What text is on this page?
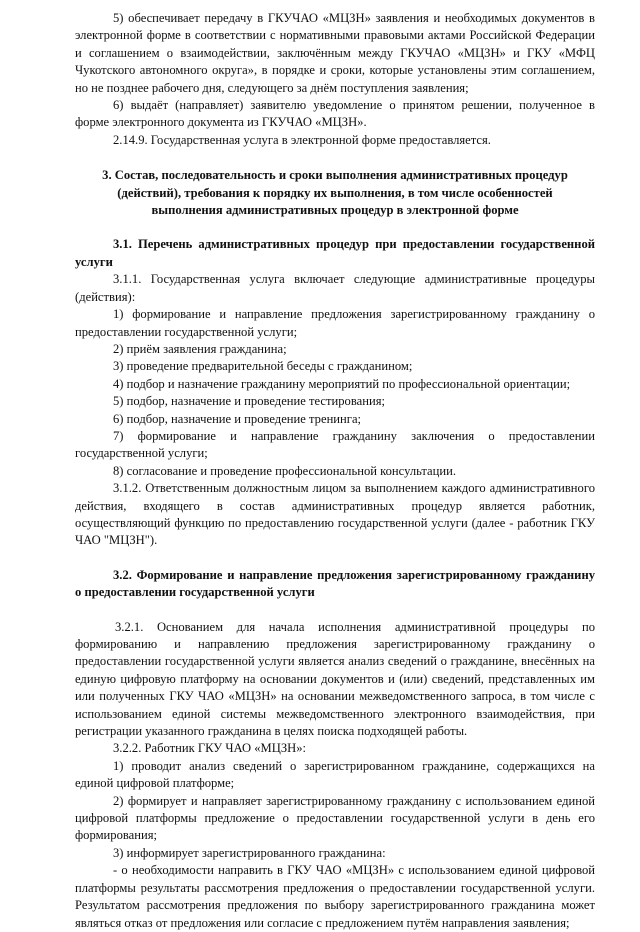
5) обеспечивает передачу в ГКУЧАО «МЦЗН» заявления и необходимых документов в электронной форме в соответствии с нормативными правовыми актами Российской Федерации и соглашением о взаимодействии, заключённым между ГКУЧАО «МЦЗН» и ГКУ «МФЦ Чукотского автономного округа», в порядке и сроки, которые установлены этим соглашением, но не позднее рабочего дня, следующего за днём поступления заявления;

6) выдаёт (направляет) заявителю уведомление о принятом решении, полученное в форме электронного документа из ГКУЧАО «МЦЗН».

2.14.9. Государственная услуга в электронной форме предоставляется.

3. Состав, последовательность и сроки выполнения административных процедур (действий), требования к порядку их выполнения, в том числе особенностей выполнения административных процедур в электронной форме

3.1. Перечень административных процедур при предоставлении государственной услуги

3.1.1. Государственная услуга включает следующие административные процедуры (действия):

1) формирование и направление предложения зарегистрированному гражданину о предоставлении государственной услуги;

2) приём заявления гражданина;

3) проведение предварительной беседы с гражданином;

4) подбор и назначение гражданину мероприятий по профессиональной ориентации;

5) подбор, назначение и проведение тестирования;

6) подбор, назначение и проведение тренинга;

7) формирование и направление гражданину заключения о предоставлении государственной услуги;

8) согласование и проведение профессиональной консультации.

3.1.2. Ответственным должностным лицом за выполнением каждого административного действия, входящего в состав административных процедур является работник, осуществляющий функцию по предоставлению государственной услуги (далее - работник ГКУ ЧАО "МЦЗН").

3.2. Формирование и направление предложения зарегистрированному гражданину о предоставлении государственной услуги

3.2.1. Основанием для начала исполнения административной процедуры по формированию и направлению предложения зарегистрированному гражданину о предоставлении государственной услуги является анализ сведений о гражданине, внесённых на единую цифровую платформу на основании документов и (или) сведений, представленных им или полученных ГКУ ЧАО «МЦЗН» на основании межведомственного запроса, в том числе с использованием единой системы межведомственного электронного взаимодействия, при регистрации указанного гражданина в целях поиска подходящей работы.

3.2.2. Работник ГКУ ЧАО «МЦЗН»:

1) проводит анализ сведений о зарегистрированном гражданине, содержащихся на единой цифровой платформе;

2) формирует и направляет зарегистрированному гражданину с использованием единой цифровой платформы предложение о предоставлении государственной услуги в день его формирования;

3) информирует зарегистрированного гражданина:

- о необходимости направить в ГКУ ЧАО «МЦЗН» с использованием единой цифровой платформы результаты рассмотрения предложения о предоставлении государственной услуги. Результатом рассмотрения предложения по выбору зарегистрированного гражданина может являться отказ от предложения или согласие с предложением путём направления заявления;
